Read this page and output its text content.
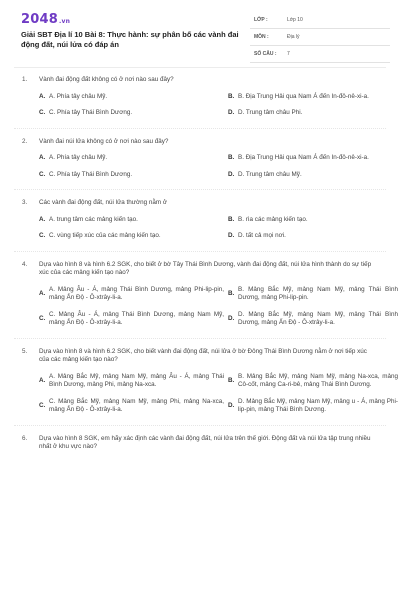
2048.vn
Giải SBT Địa lí 10 Bài 8: Thực hành: sự phân bố các vành đai động đất, núi lửa có đáp án
LỚP :	Lớp 10
MÔN :	Địa lý
SỐ CÂU : 7
1.	Vành đai động đất không có ở nơi nào sau đây?
A. A. Phía tây châu Mỹ.	B. B. Địa Trung Hải qua Nam Á đến In-đô-nê-xi-a.
C. C. Phía tây Thái Bình Dương.	D. D. Trung tâm châu Phi.
2.	Vành đai núi lửa không có ở nơi nào sau đây?
A. A. Phía tây châu Mỹ.	B. B. Địa Trung Hải qua Nam Á đến In-đô-nê-xi-a.
C. C. Phía tây Thái Bình Dương.	D. D. Trung tâm châu Mỹ.
3.	Các vành đai động đất, núi lửa thường nằm ở
A. A. trung tâm các mảng kiến tạo.	B. B. rìa các mảng kiến tạo.
C. C. vùng tiếp xúc của các mảng kiến tạo.	D. D. tất cả mọi nơi.
4.	Dựa vào hình 8 và hình 6.2 SGK, cho biết ở bờ Tây Thái Bình Dương, vành đai động đất, núi lửa hình thành do sự tiếp xúc của các mảng kiến tạo nào?
A.
A. Mảng Âu - Á, mảng Thái Bình Dương, mảng Phi-lip-pin, mảng Ấn Độ - Ô-xtrây-li-a.
B.
B. Mảng Bắc Mỹ, mảng Nam Mỹ, mảng Thái Bình Dương, mảng Phi-lip-pin.
C.
C. Mảng Âu - Á, mảng Thái Bình Dương, mảng Nam Mỹ, mảng Ấn Độ - Ô-xtrây-li-a.
D.
D. Mảng Bắc Mỹ, mảng Nam Mỹ, mảng Thái Bình Dương, mảng Ấn Độ - Ô-xtrây-li-a.
5.	Dựa vào hình 8 và hình 6.2 SGK, cho biết vành đai động đất, núi lửa ở bờ Đông Thái Bình Dương nằm ở nơi tiếp xúc của các mảng kiến tạo nào?
A.
A. Mảng Bắc Mỹ, mảng Nam Mỹ, mảng Âu - Á, mảng Thái Bình Dương, mảng Phi, mảng Na-xca.
B.
B. Mảng Bắc Mỹ, mảng Nam Mỹ, mảng Na-xca, mảng Cô-cốt, mảng Ca-ri-bê, mảng Thái Bình Dương.
C.
C. Mảng Bắc Mỹ, mảng Nam Mỹ, mảng Phi, mảng Na-xca, mảng Ấn Độ - Ô-xtrây-li-a.
D.
D. Mảng Bắc Mỹ, mảng Nam Mỹ, mảng u - Á, mảng Phi-lip-pin, mảng Thái Bình Dương.
6.	Dựa vào hình 8 SGK, em hãy xác định các vành đai động đất, núi lửa trên thế giới. Động đất và núi lửa tập trung nhiều nhất ở khu vực nào?
